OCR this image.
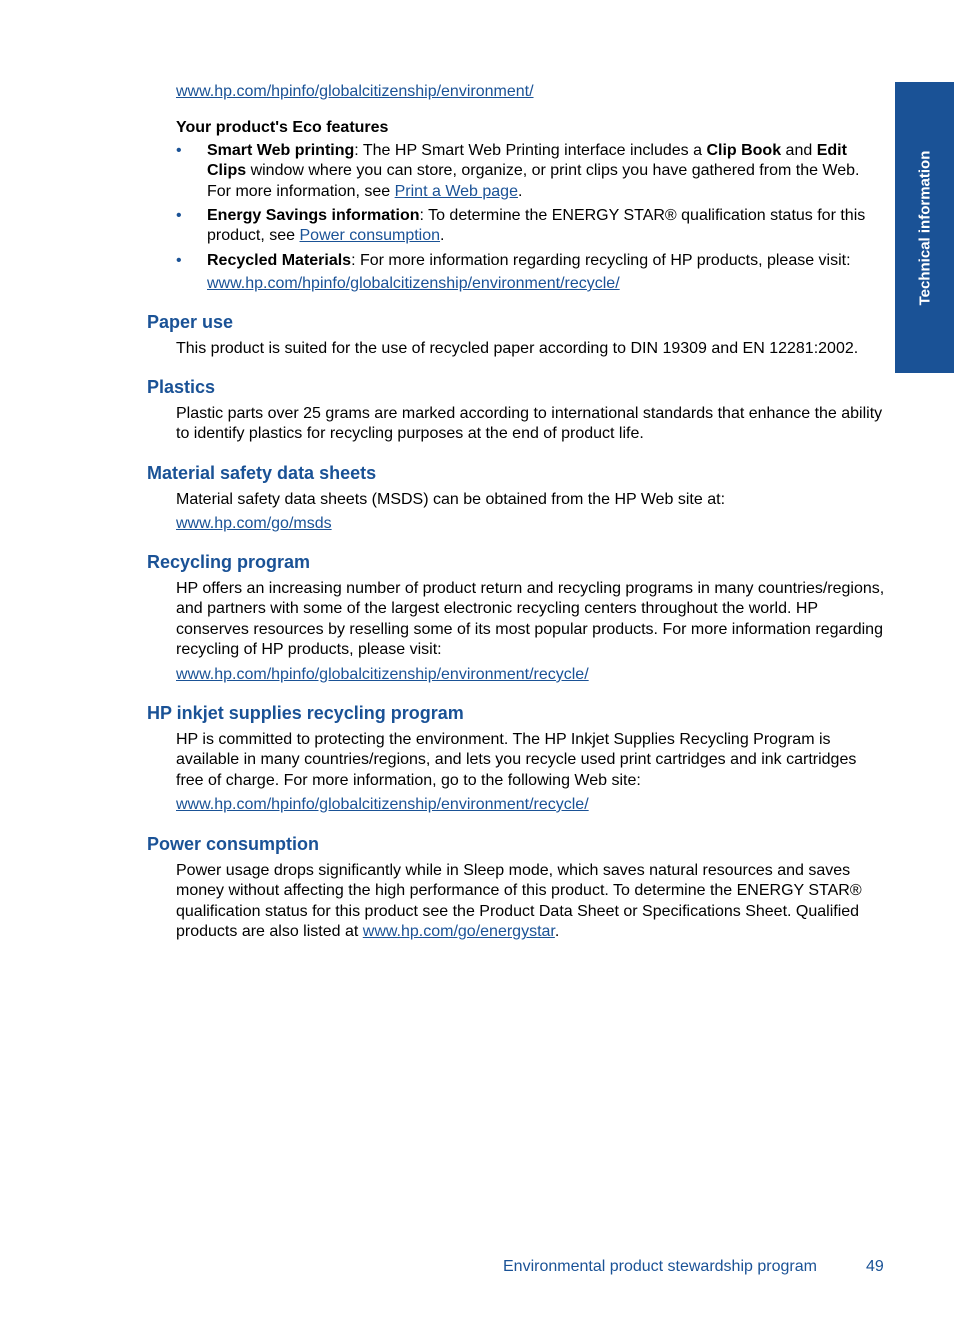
Technical information
www.hp.com/hpinfo/globalcitizenship/environment/
Your product's Eco features
• Smart Web printing: The HP Smart Web Printing interface includes a Clip Book and Edit Clips window where you can store, organize, or print clips you have gathered from the Web. For more information, see Print a Web page.
• Energy Savings information: To determine the ENERGY STAR® qualification status for this product, see Power consumption.
• Recycled Materials: For more information regarding recycling of HP products, please visit:
www.hp.com/hpinfo/globalcitizenship/environment/recycle/
Paper use
This product is suited for the use of recycled paper according to DIN 19309 and EN 12281:2002.
Plastics
Plastic parts over 25 grams are marked according to international standards that enhance the ability to identify plastics for recycling purposes at the end of product life.
Material safety data sheets
Material safety data sheets (MSDS) can be obtained from the HP Web site at:
www.hp.com/go/msds
Recycling program
HP offers an increasing number of product return and recycling programs in many countries/regions, and partners with some of the largest electronic recycling centers throughout the world. HP conserves resources by reselling some of its most popular products. For more information regarding recycling of HP products, please visit:
www.hp.com/hpinfo/globalcitizenship/environment/recycle/
HP inkjet supplies recycling program
HP is committed to protecting the environment. The HP Inkjet Supplies Recycling Program is available in many countries/regions, and lets you recycle used print cartridges and ink cartridges free of charge. For more information, go to the following Web site:
www.hp.com/hpinfo/globalcitizenship/environment/recycle/
Power consumption
Power usage drops significantly while in Sleep mode, which saves natural resources and saves money without affecting the high performance of this product. To determine the ENERGY STAR® qualification status for this product see the Product Data Sheet or Specifications Sheet. Qualified products are also listed at www.hp.com/go/energystar.
Environmental product stewardship program	49
